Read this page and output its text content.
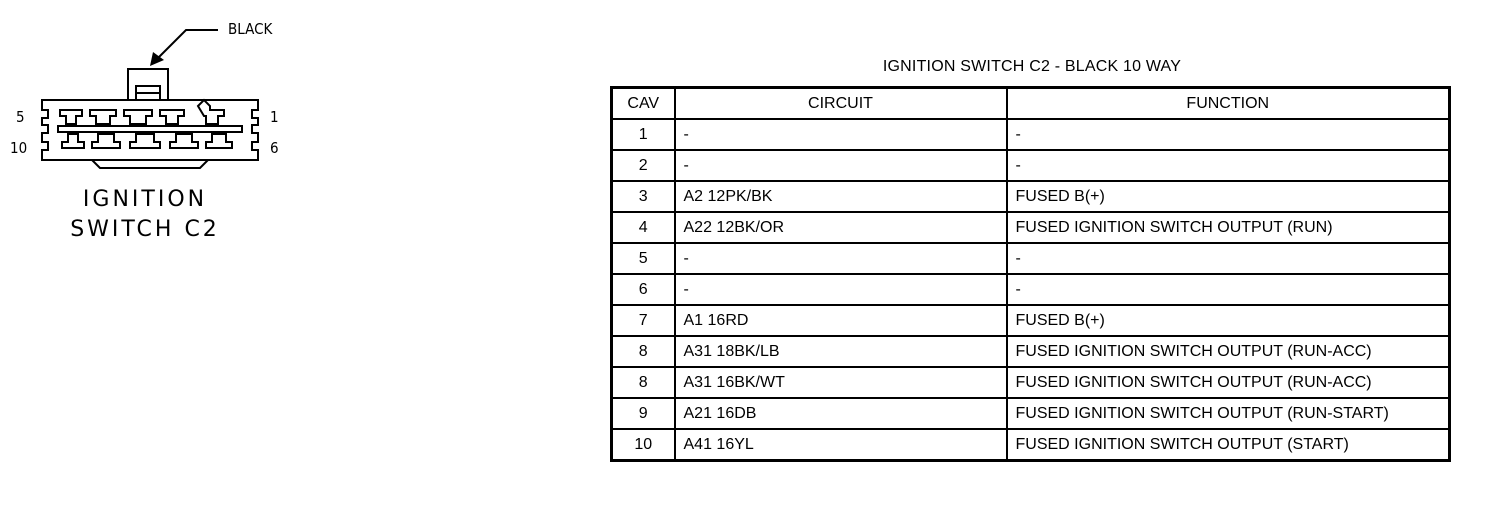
BLACK
5
10
1
6
IGNITION
SWITCH C2
IGNITION SWITCH C2 - BLACK 10 WAY
CAV	CIRCUIT	FUNCTION
1	-	-
2	-	-
3	A2 12PK/BK	FUSED B(+)
4	A22 12BK/OR	FUSED IGNITION SWITCH OUTPUT (RUN)
5	-	-
6	-	-
7	A1 16RD	FUSED B(+)
8	A31 18BK/LB	FUSED IGNITION SWITCH OUTPUT (RUN-ACC)
8	A31 16BK/WT	FUSED IGNITION SWITCH OUTPUT (RUN-ACC)
9	A21 16DB	FUSED IGNITION SWITCH OUTPUT (RUN-START)
10	A41 16YL	FUSED IGNITION SWITCH OUTPUT (START)
